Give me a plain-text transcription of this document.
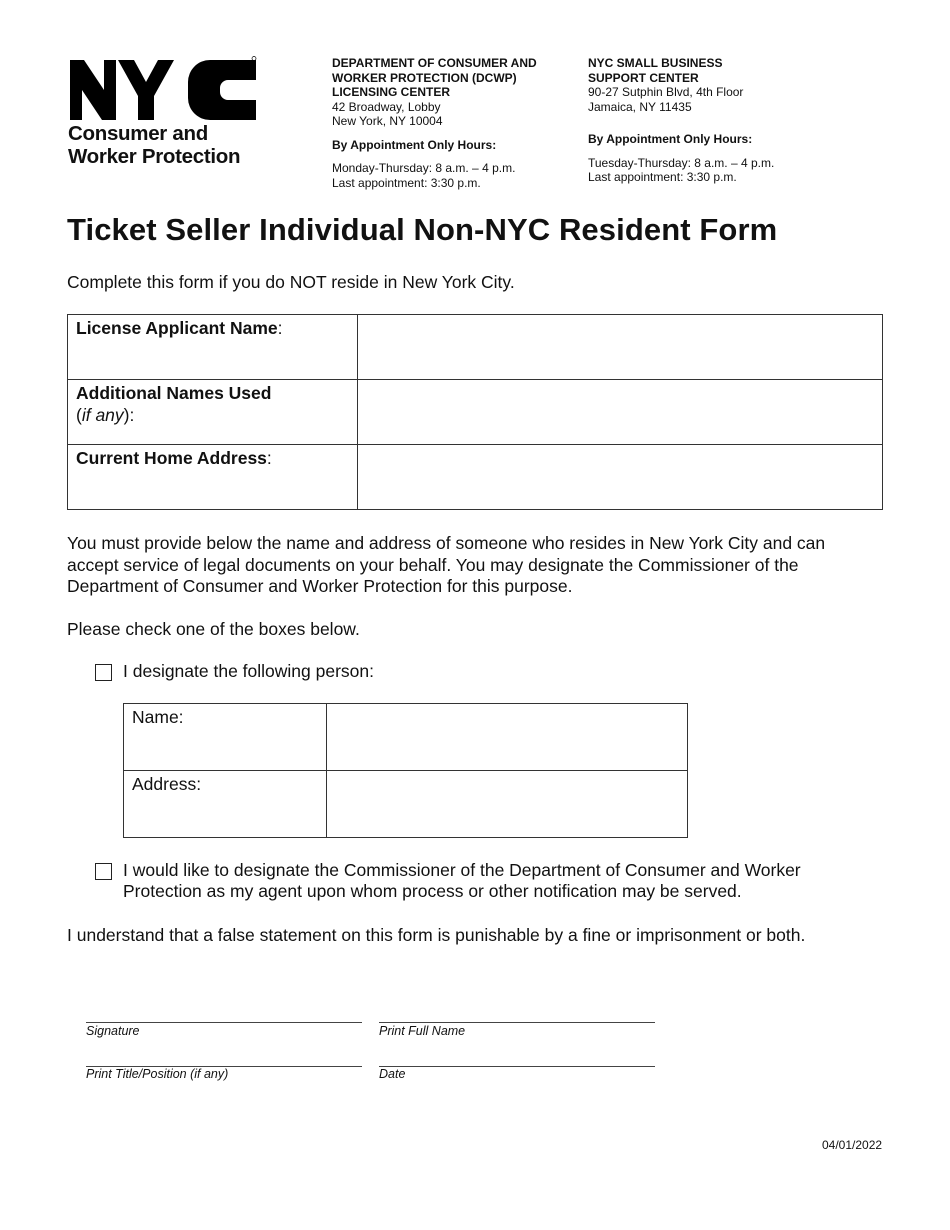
Consumer and
Worker Protection
DEPARTMENT OF CONSUMER AND
WORKER PROTECTION (DCWP)
LICENSING CENTER
42 Broadway, Lobby
New York, NY 10004
By Appointment Only Hours:
Monday-Thursday: 8 a.m. – 4 p.m.
Last appointment: 3:30 p.m.
NYC SMALL BUSINESS
SUPPORT CENTER
90-27 Sutphin Blvd, 4th Floor
Jamaica, NY 11435
By Appointment Only Hours:
Tuesday-Thursday: 8 a.m. – 4 p.m.
Last appointment: 3:30 p.m.
Ticket Seller Individual Non-NYC Resident Form
Complete this form if you do NOT reside in New York City.
License Applicant Name:	

Additional Names Used
(if any):	

Current Home Address:	

You must provide below the name and address of someone who resides in New York City and can accept service of legal documents on your behalf. You may designate the Commissioner of the Department of Consumer and Worker Protection for this purpose.
Please check one of the boxes below.
I designate the following person:
Name:	

Address:	

I would like to designate the Commissioner of the Department of Consumer and Worker Protection as my agent upon whom process or other notification may be served.
I understand that a false statement on this form is punishable by a fine or imprisonment or both.
Signature	Print Full Name
Print Title/Position (if any)	Date
04/01/2022
